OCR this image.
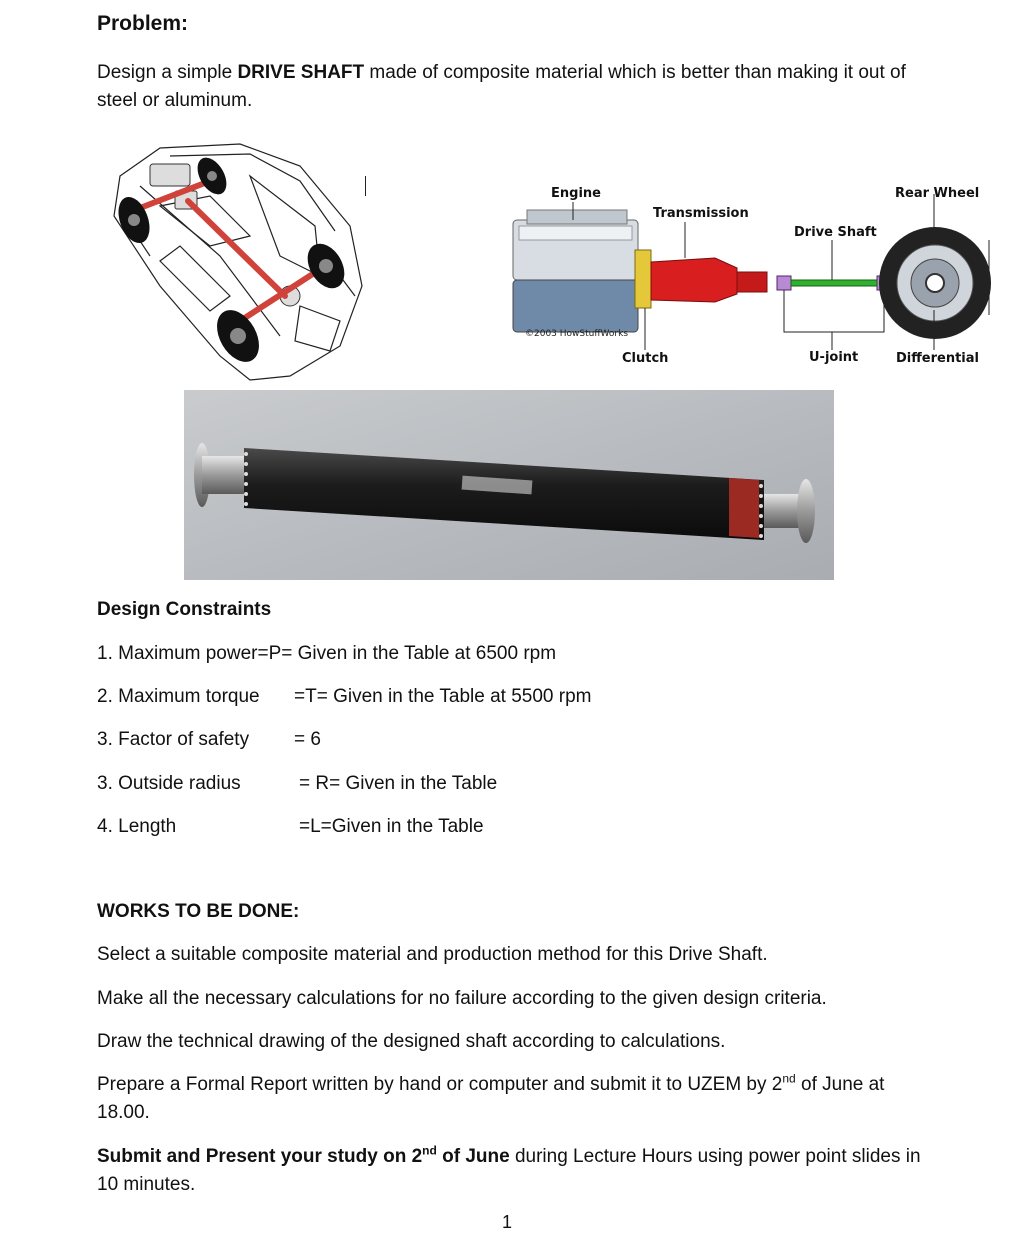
Problem:
Design a simple DRIVE SHAFT made of composite material which is better than making it out of steel or aluminum.
Engine
Transmission
Drive Shaft
Rear Wheel
Clutch	U-joint	Differential
©2003 HowStuffWorks
Design Constraints
1. Maximum power=P= Given in the Table at 6500 rpm
2. Maximum torque =T= Given in the Table at 5500 rpm
3. Factor of safety = 6
3. Outside radius	= R= Given in the Table
4. Length	=L=Given in the Table
WORKS TO BE DONE:
Select a suitable composite material and production method for this Drive Shaft.
Make all the necessary calculations for no failure according to the given design criteria.
Draw the technical drawing of the designed shaft according to calculations.
Prepare a Formal Report written by hand or computer and submit it to UZEM by 2nd of June at 18.00.
Submit and Present your study on 2nd of June during Lecture Hours using power point slides in 10 minutes.
1
